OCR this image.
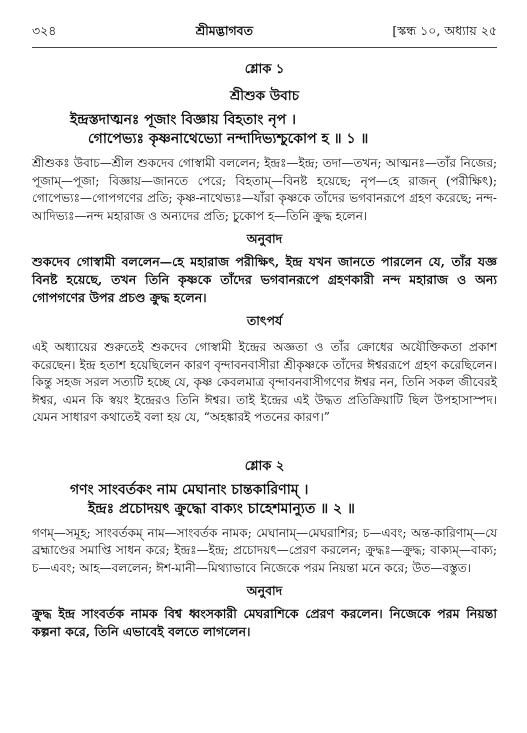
৩২৪	শ্রীমদ্ভাগবত	[স্কন্ধ ১০, অধ্যায় ২৫
শ্লোক ১
শ্রীশুক উবাচ
ইন্দ্রস্তদাত্মনঃ পূজাং বিজ্ঞায় বিহতাং নৃপ ।
গোপেভ্যঃ কৃষ্ণনাথেভ্যো নন্দাদিভ্যশ্চুকোপ হ ॥ ১ ॥
শ্রীশুকঃ উবাচ—শ্রীল শুকদেব গোস্বামী বললেন; ইন্দ্রঃ—ইন্দ্র; তদা—তখন; আত্মনঃ—তাঁর নিজের; পূজাম্—পূজা; বিজ্ঞায়—জানতে পেরে; বিহতাম্—বিনষ্ট হয়েছে; নৃপ—হে রাজন্ (পরীক্ষিৎ); গোপেভ্যঃ—গোপগণের প্রতি; কৃষ্ণ-নাথেভ্যঃ—যাঁরা কৃষ্ণকে তাঁদের ভগবানরূপে গ্রহণ করেছে; নন্দ-আদিভ্যঃ—নন্দ মহারাজ ও অন্যদের প্রতি; চুকোপ হ—তিনি ক্রুদ্ধ হলেন।
অনুবাদ
শুকদেব গোস্বামী বললেন—হে মহারাজ পরীক্ষিৎ, ইন্দ্র যখন জানতে পারলেন যে, তাঁর যজ্ঞ বিনষ্ট হয়েছে, তখন তিনি কৃষ্ণকে তাঁদের ভগবানরূপে গ্রহণকারী নন্দ মহারাজ ও অন্য গোপগণের উপর প্রচণ্ড ক্রুদ্ধ হলেন।
তাৎপর্য
এই অধ্যায়ের শুরুতেই শুকদেব গোস্বামী ইন্দ্রের অজ্ঞতা ও তাঁর ক্রোধের অযৌক্তিকতা প্রকাশ করেছেন। ইন্দ্র হতাশ হয়েছিলেন কারণ বৃন্দাবনবাসীরা শ্রীকৃষ্ণকে তাঁদের ঈশ্বররূপে গ্রহণ করেছিলেন। কিন্তু সহজ সরল সত্যটি হচ্ছে যে, কৃষ্ণ কেবলমাত্র বৃন্দাবনবাসীগণের ঈশ্বর নন, তিনি সকল জীবেরই ঈশ্বর, এমন কি স্বয়ং ইন্দ্রেরও তিনি ঈশ্বর। তাই ইন্দ্রের এই উদ্ধত প্রতিক্রিয়াটি ছিল উপহাসাস্পদ। যেমন সাধারণ কথাতেই বলা হয় যে, “অহঙ্কারই পতনের কারণ।”
শ্লোক ২
গণং সাংবর্তকং নাম মেঘানাং চান্তকারিণাম্ ।
ইন্দ্রঃ প্রচোদয়ৎ ক্রুদ্ধো বাক্যং চাহেশমান্যুত ॥ ২ ॥
গণম্—সমূহ; সাংবর্তকম্ নাম—সাংবর্তক নামক; মেঘানাম্—মেঘরাশির; চ—এবং; অন্ত-কারিণাম্—যে ব্রহ্মাণ্ডের সমাপ্তি সাধন করে; ইন্দ্রঃ—ইন্দ্র; প্রচোদয়ৎ—প্রেরণ করলেন; ক্রুদ্ধঃ—ক্রুদ্ধ; বাক্যম্—বাক্য; চ—এবং; আহ—বললেন; ঈশ-মানী—মিথ্যাভাবে নিজেকে পরম নিয়ন্তা মনে করে; উত—বস্তুত।
অনুবাদ
ক্রুদ্ধ ইন্দ্র সাংবর্তক নামক বিশ্ব ধ্বংসকারী মেঘরাশিকে প্রেরণ করলেন। নিজেকে পরম নিয়ন্তা কল্পনা করে, তিনি এভাবেই বলতে লাগলেন।
